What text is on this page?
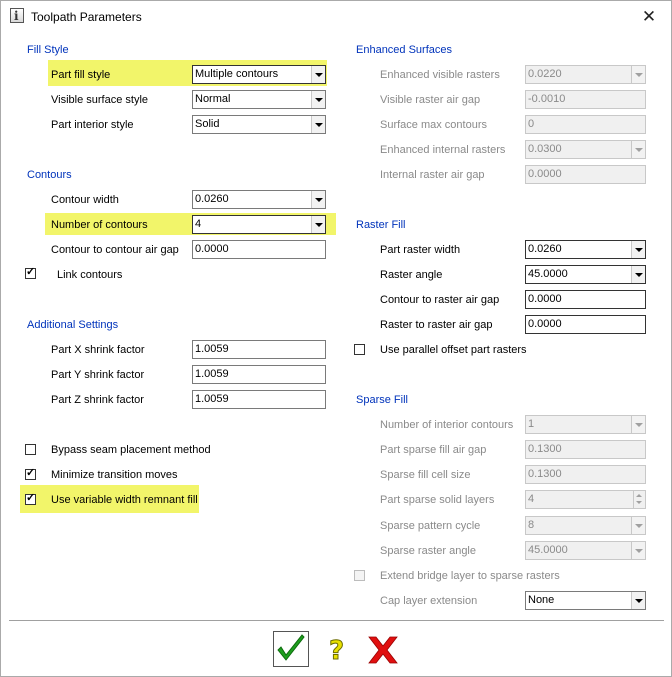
i
Toolpath Parameters	✕
Fill Style
Part fill style	Multiple contours
Visible surface style	Normal
Part interior style	Solid
Contours
Contour width	0.0260
Number of contours	4
Contour to contour air gap 0.0000
✓ Link contours
Additional Settings
Part X shrink factor	1.0059
Part Y shrink factor	1.0059
Part Z shrink factor	1.0059
Bypass seam placement method
✓ Minimize transition moves
✓ Use variable width remnant fill
Enhanced Surfaces
Enhanced visible rasters	0.0220
Visible raster air gap	-0.0010
Surface max contours	0
Enhanced internal rasters 0.0300
Internal raster air gap	0.0000
Raster Fill
Part raster width	0.0260
Raster angle	45.0000
Contour to raster air gap	0.0000
Raster to raster air gap	0.0000
Use parallel offset part rasters
Sparse Fill
Number of interior contours 1
Part sparse fill air gap	0.1300
Sparse fill cell size	0.1300
Part sparse solid layers	4
Sparse pattern cycle	8
Sparse raster angle	45.0000
Extend bridge layer to sparse rasters
Cap layer extension	None
?
